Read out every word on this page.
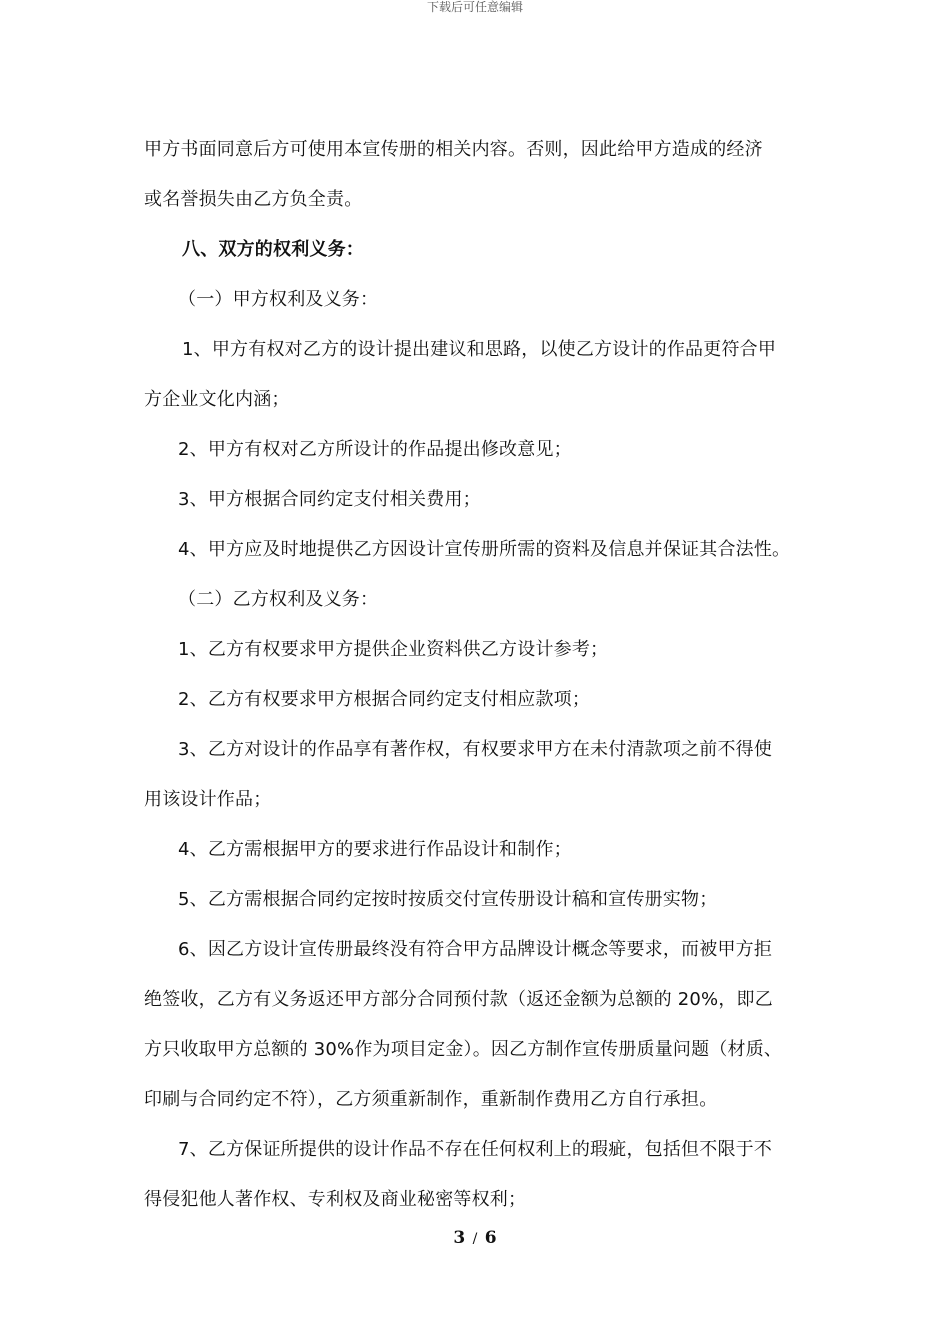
下载后可任意编辑
甲方书面同意后方可使用本宣传册的相关内容。否则，因此给甲方造成的经济
或名誉损失由乙方负全责。
八、双方的权利义务：
（一）甲方权利及义务：
1、甲方有权对乙方的设计提出建议和思路，以使乙方设计的作品更符合甲
方企业文化内涵；
2、甲方有权对乙方所设计的作品提出修改意见；
3、甲方根据合同约定支付相关费用；
4、甲方应及时地提供乙方因设计宣传册所需的资料及信息并保证其合法性。
（二）乙方权利及义务：
1、乙方有权要求甲方提供企业资料供乙方设计参考；
2、乙方有权要求甲方根据合同约定支付相应款项；
3、乙方对设计的作品享有著作权，有权要求甲方在未付清款项之前不得使
用该设计作品；
4、乙方需根据甲方的要求进行作品设计和制作；
5、乙方需根据合同约定按时按质交付宣传册设计稿和宣传册实物；
6、因乙方设计宣传册最终没有符合甲方品牌设计概念等要求，而被甲方拒
绝签收，乙方有义务返还甲方部分合同预付款（返还金额为总额的 20%，即乙
方只收取甲方总额的 30%作为项目定金）。因乙方制作宣传册质量问题（材质、
印刷与合同约定不符），乙方须重新制作，重新制作费用乙方自行承担。
7、乙方保证所提供的设计作品不存在任何权利上的瑕疵，包括但不限于不
得侵犯他人著作权、专利权及商业秘密等权利；
3 / 6
